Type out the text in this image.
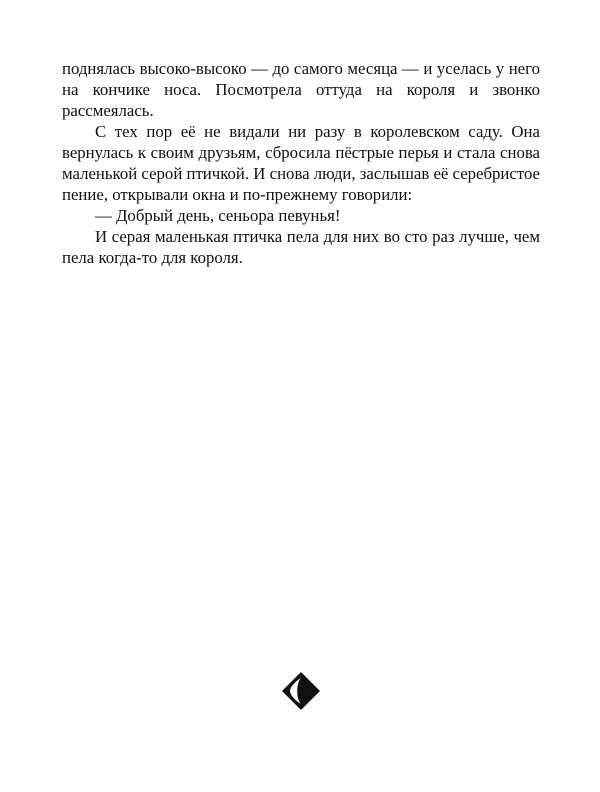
поднялась высоко-высоко — до самого месяца — и уселась у него на кончике носа. Посмотрела оттуда на короля и звонко рассмеялась.

С тех пор её не видали ни разу в королевском саду. Она вернулась к своим друзьям, сбросила пёстрые перья и стала снова маленькой серой птичкой. И снова люди, заслышав её серебристое пение, открывали окна и по-прежнему говорили:

— Добрый день, сеньора певунья!

И серая маленькая птичка пела для них во сто раз лучше, чем пела когда-то для короля.
